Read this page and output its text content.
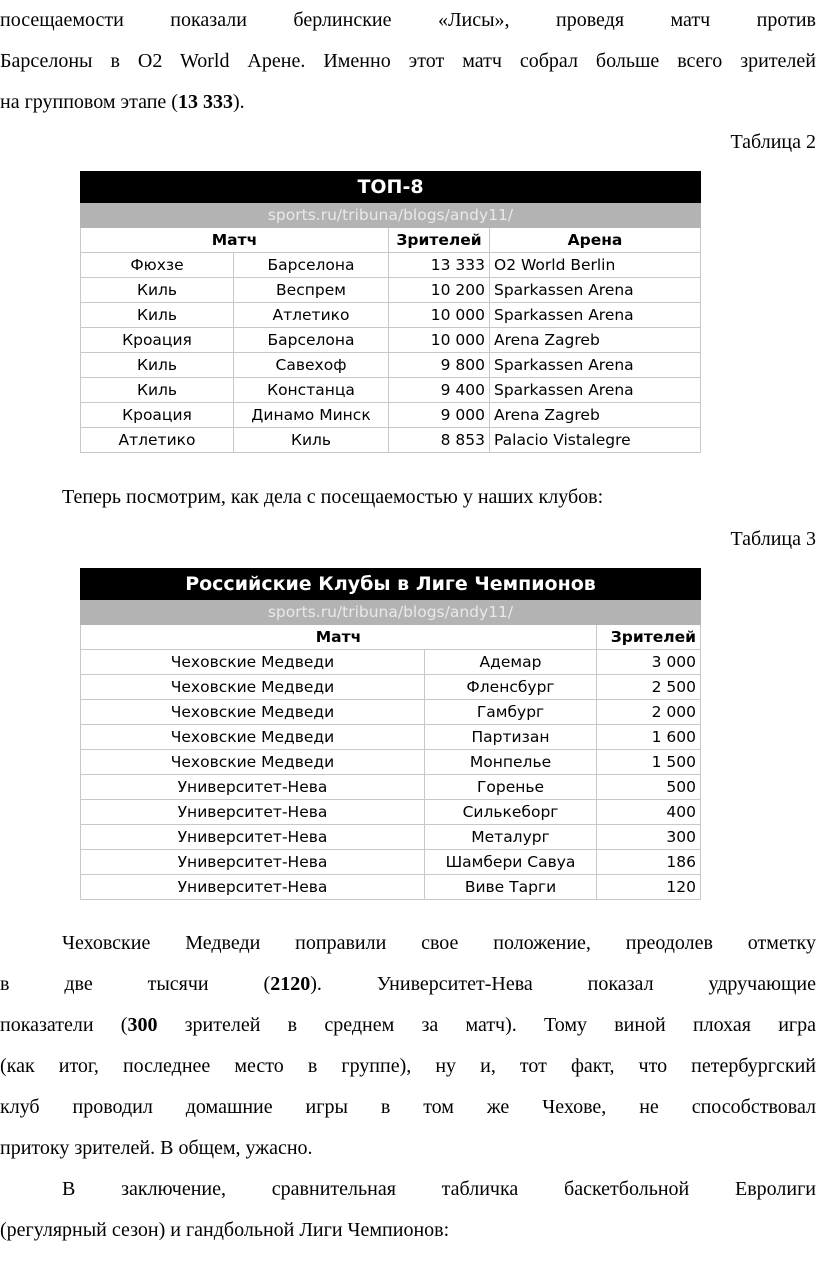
посещаемости показали берлинские «Лисы», проведя матч против
Барселоны в O2 World Арене. Именно этот матч собрал больше всего зрителей
на групповом этапе (13 333).
Таблица 2
ТОП-8			
sports.ru/tribuna/blogs/andy11/			
Матч		Зрителей	Арена
Фюхзе	Барселона	13 333	O2 World Berlin
Киль	Веспрем	10 200	Sparkassen Arena
Киль	Атлетико	10 000	Sparkassen Arena
Кроация	Барселона	10 000	Arena Zagreb
Киль	Савехоф	9 800	Sparkassen Arena
Киль	Констанца	9 400	Sparkassen Arena
Кроация	Динамо Минск	9 000	Arena Zagreb
Атлетико	Киль	8 853	Palacio Vistalegre
Теперь посмотрим, как дела с посещаемостью у наших клубов:
Таблица 3
Российские Клубы в Лиге Чемпионов		
sports.ru/tribuna/blogs/andy11/		
Матч		Зрителей
Чеховские Медведи	Адемар	3 000
Чеховские Медведи	Фленсбург	2 500
Чеховские Медведи	Гамбург	2 000
Чеховские Медведи	Партизан	1 600
Чеховские Медведи	Монпелье	1 500
Университет-Нева	Горенье	500
Университет-Нева	Силькеборг	400
Университет-Нева	Металург	300
Университет-Нева	Шамбери Савуа	186
Университет-Нева	Виве Тарги	120
Чеховские Медведи поправили свое положение, преодолев отметку
в две тысячи (2120). Университет-Нева показал удручающие
показатели (300 зрителей в среднем за матч). Тому виной плохая игра
(как итог, последнее место в группе), ну и, тот факт, что петербургский
клуб проводил домашние игры в том же Чехове, не способствовал
притоку зрителей. В общем, ужасно.
В заключение, сравнительная табличка баскетбольной Евролиги
(регулярный сезон) и гандбольной Лиги Чемпионов:
